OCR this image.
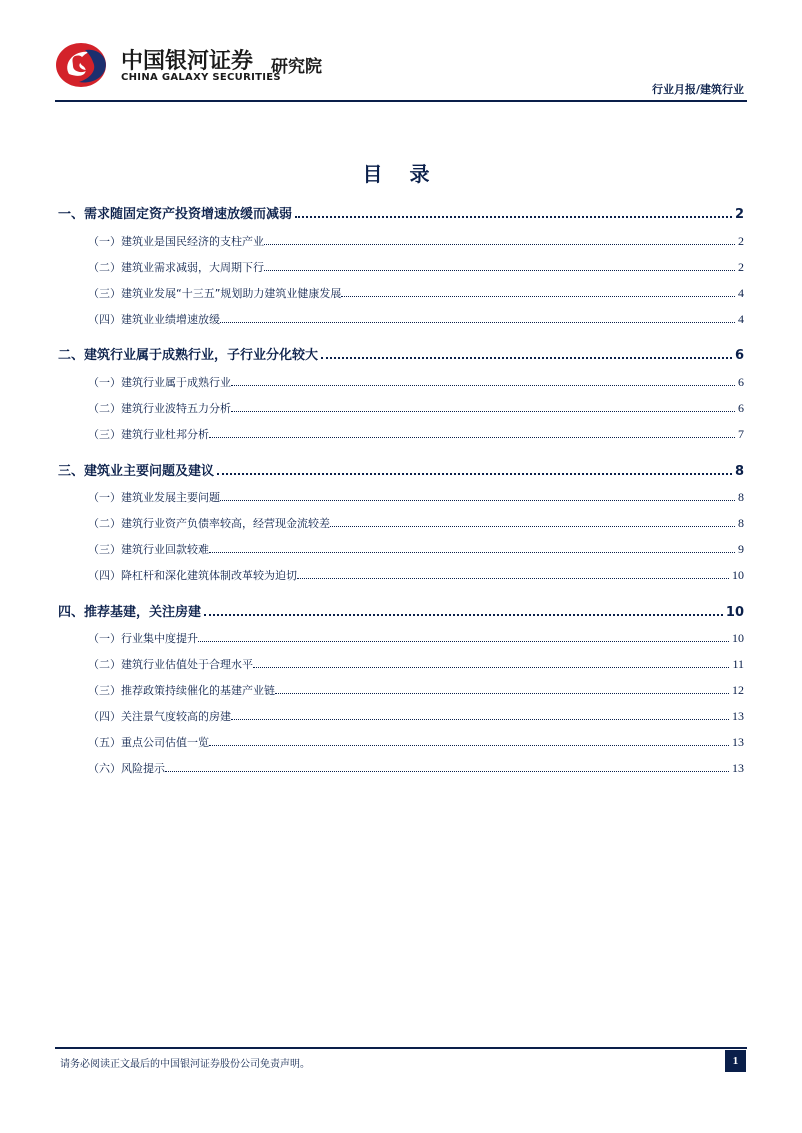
中国银河证券
CHINA GALAXY SECURITIES
研究院
行业月报/建筑行业
目 录
一、需求随固定资产投资增速放缓而减弱	2
（一）建筑业是国民经济的支柱产业	2
（二）建筑业需求减弱，大周期下行	2
（三）建筑业发展“十三五”规划助力建筑业健康发展	4
（四）建筑业业绩增速放缓	4
二、建筑行业属于成熟行业，子行业分化较大	6
（一）建筑行业属于成熟行业	6
（二）建筑行业波特五力分析	6
（三）建筑行业杜邦分析	7
三、建筑业主要问题及建议	8
（一）建筑业发展主要问题	8
（二）建筑行业资产负债率较高，经营现金流较差	8
（三）建筑行业回款较难	9
（四）降杠杆和深化建筑体制改革较为迫切	10
四、推荐基建，关注房建	10
（一）行业集中度提升	10
（二）建筑行业估值处于合理水平	11
（三）推荐政策持续催化的基建产业链	12
（四）关注景气度较高的房建	13
（五）重点公司估值一览	13
（六）风险提示	13
请务必阅读正文最后的中国银河证券股份公司免责声明。	1
